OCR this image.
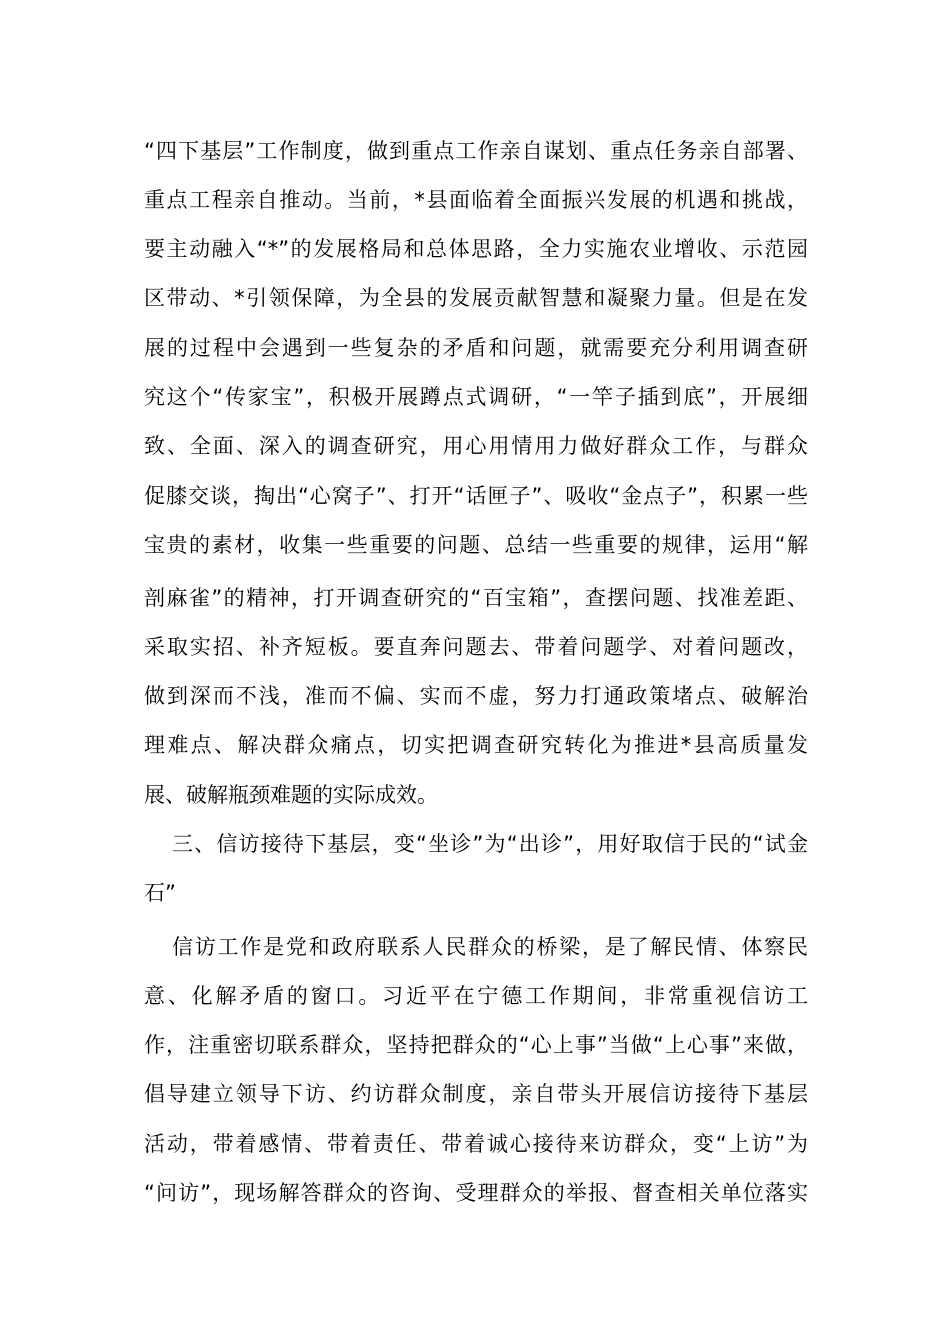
“四下基层”工作制度，做到重点工作亲自谋划、重点任务亲自部署、
重点工程亲自推动。当前，*县面临着全面振兴发展的机遇和挑战，
要主动融入“*”的发展格局和总体思路，全力实施农业增收、示范园
区带动、*引领保障，为全县的发展贡献智慧和凝聚力量。但是在发
展的过程中会遇到一些复杂的矛盾和问题，就需要充分利用调查研
究这个“传家宝”，积极开展蹲点式调研，“一竿子插到底”，开展细
致、全面、深入的调查研究，用心用情用力做好群众工作，与群众
促膝交谈，掏出“心窝子”、打开“话匣子”、吸收“金点子”，积累一些
宝贵的素材，收集一些重要的问题、总结一些重要的规律，运用“解
剖麻雀”的精神，打开调查研究的“百宝箱”，查摆问题、找准差距、
采取实招、补齐短板。要直奔问题去、带着问题学、对着问题改，
做到深而不浅，准而不偏、实而不虚，努力打通政策堵点、破解治
理难点、解决群众痛点，切实把调查研究转化为推进*县高质量发
展、破解瓶颈难题的实际成效。
三、信访接待下基层，变“坐诊”为“出诊”，用好取信于民的“试金
石”
信访工作是党和政府联系人民群众的桥梁，是了解民情、体察民
意、化解矛盾的窗口。习近平在宁德工作期间，非常重视信访工
作，注重密切联系群众，坚持把群众的“心上事”当做“上心事”来做，
倡导建立领导下访、约访群众制度，亲自带头开展信访接待下基层
活动，带着感情、带着责任、带着诚心接待来访群众，变“上访”为
“问访”，现场解答群众的咨询、受理群众的举报、督查相关单位落实
